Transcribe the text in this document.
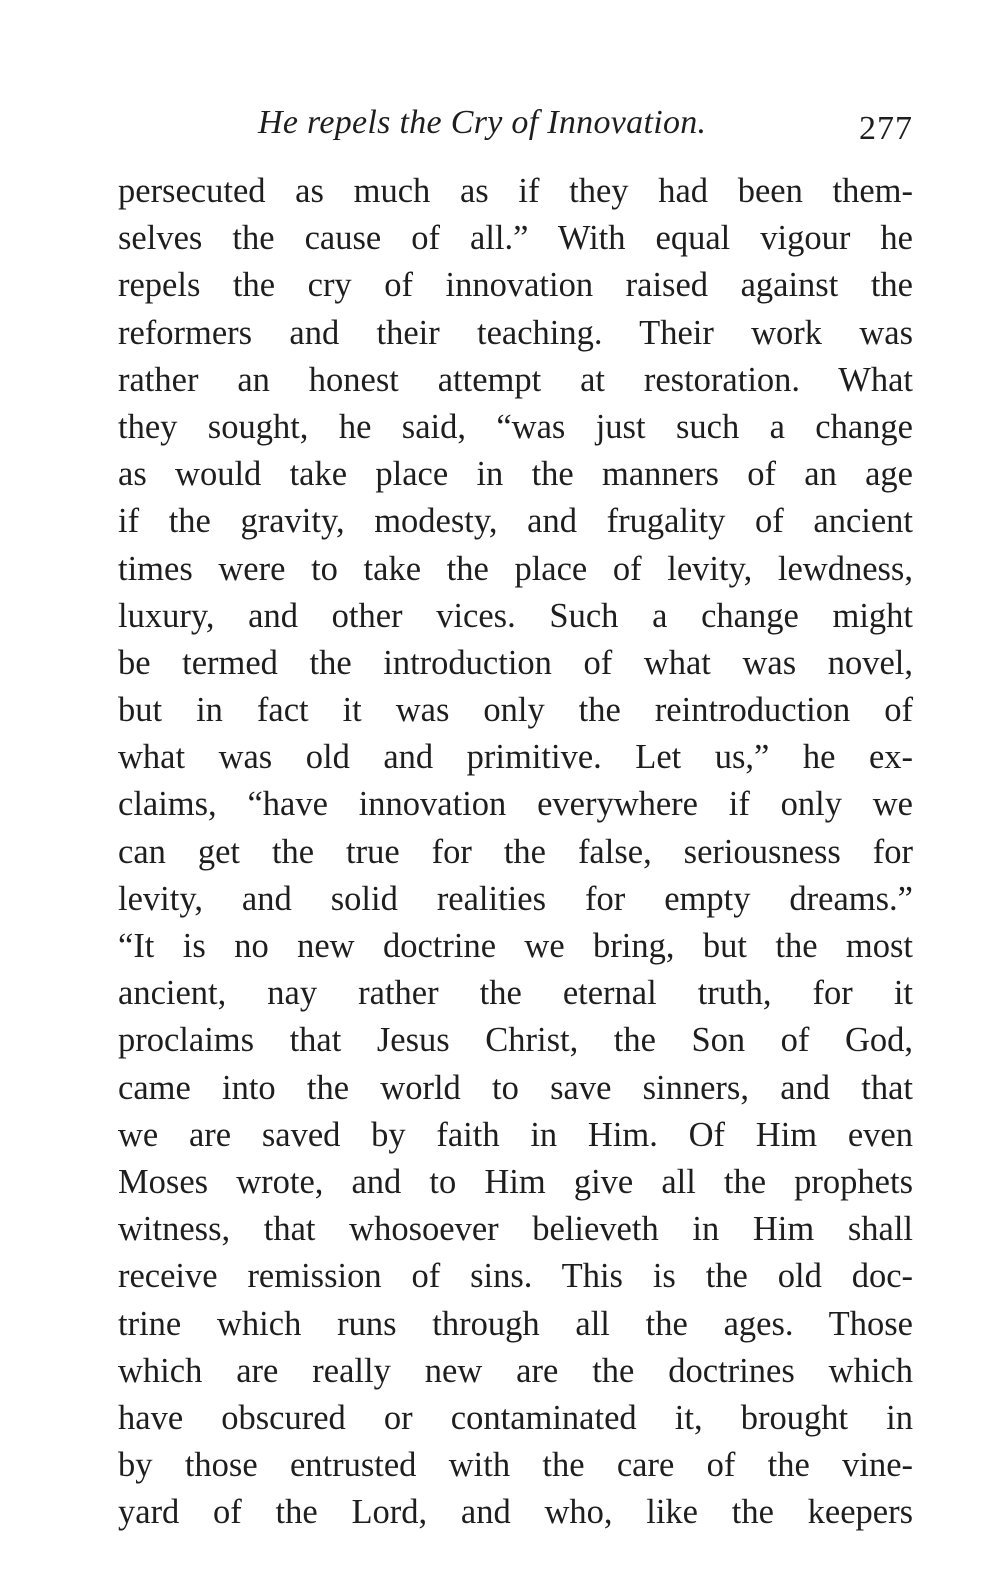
He repels the Cry of Innovation.	277
persecuted as much as if they had been them-
selves the cause of all.” With equal vigour he
repels the cry of innovation raised against the
reformers and their teaching. Their work was
rather an honest attempt at restoration. What
they sought, he said, “was just such a change
as would take place in the manners of an age
if the gravity, modesty, and frugality of ancient
times were to take the place of levity, lewdness,
luxury, and other vices. Such a change might
be termed the introduction of what was novel,
but in fact it was only the reintroduction of
what was old and primitive. Let us,” he ex-
claims, “have innovation everywhere if only we
can get the true for the false, seriousness for
levity, and solid realities for empty dreams.”
“It is no new doctrine we bring, but the most
ancient, nay rather the eternal truth, for it
proclaims that Jesus Christ, the Son of God,
came into the world to save sinners, and that
we are saved by faith in Him. Of Him even
Moses wrote, and to Him give all the prophets
witness, that whosoever believeth in Him shall
receive remission of sins. This is the old doc-
trine which runs through all the ages. Those
which are really new are the doctrines which
have obscured or contaminated it, brought in
by those entrusted with the care of the vine-
yard of the Lord, and who, like the keepers
